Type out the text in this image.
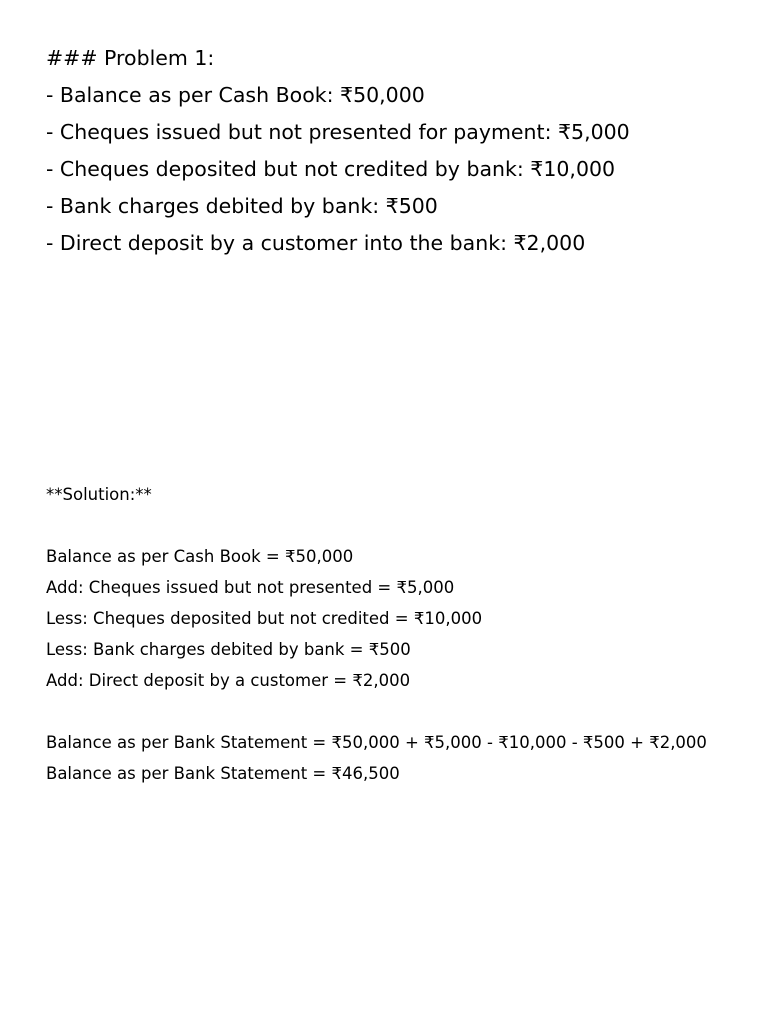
### Problem 1:
- Balance as per Cash Book: ₹50,000
- Cheques issued but not presented for payment: ₹5,000
- Cheques deposited but not credited by bank: ₹10,000
- Bank charges debited by bank: ₹500
- Direct deposit by a customer into the bank: ₹2,000
**Solution:**
Balance as per Cash Book = ₹50,000
Add: Cheques issued but not presented = ₹5,000
Less: Cheques deposited but not credited = ₹10,000
Less: Bank charges debited by bank = ₹500
Add: Direct deposit by a customer = ₹2,000
Balance as per Bank Statement = ₹50,000 + ₹5,000 - ₹10,000 - ₹500 + ₹2,000
Balance as per Bank Statement = ₹46,500
